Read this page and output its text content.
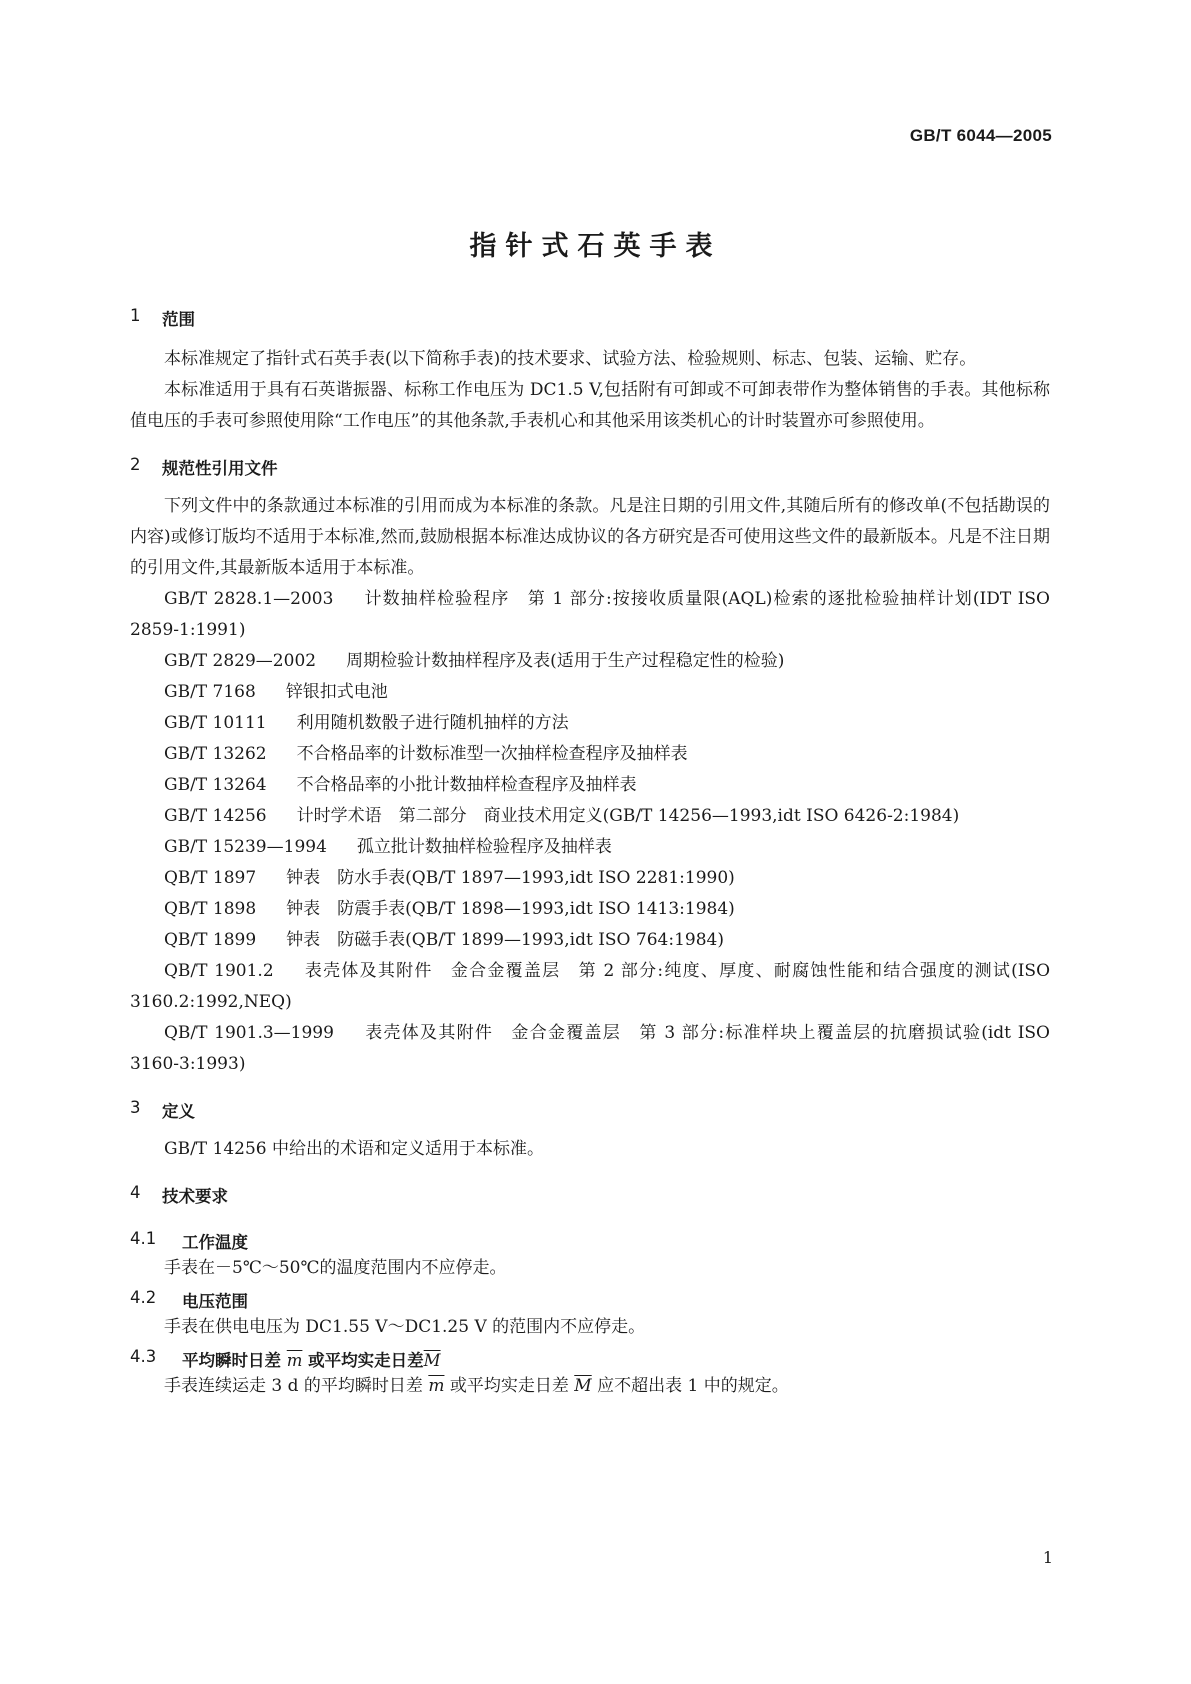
GB/T 6044—2005
指针式石英手表
1	范围

本标准规定了指针式石英手表(以下简称手表)的技术要求、试验方法、检验规则、标志、包装、运输、贮存。

本标准适用于具有石英谐振器、标称工作电压为 DC1.5 V,包括附有可卸或不可卸表带作为整体销售的手表。其他标称值电压的手表可参照使用除“工作电压”的其他条款,手表机心和其他采用该类机心的计时装置亦可参照使用。

2	规范性引用文件

下列文件中的条款通过本标准的引用而成为本标准的条款。凡是注日期的引用文件,其随后所有的修改单(不包括勘误的内容)或修订版均不适用于本标准,然而,鼓励根据本标准达成协议的各方研究是否可使用这些文件的最新版本。凡是不注日期的引用文件,其最新版本适用于本标准。

GB/T 2828.1—2003 计数抽样检验程序　第 1 部分:按接收质量限(AQL)检索的逐批检验抽样计划(IDT ISO 2859-1:1991)

GB/T 2829—2002 周期检验计数抽样程序及表(适用于生产过程稳定性的检验)

GB/T 7168 锌银扣式电池

GB/T 10111 利用随机数骰子进行随机抽样的方法

GB/T 13262 不合格品率的计数标准型一次抽样检查程序及抽样表

GB/T 13264 不合格品率的小批计数抽样检查程序及抽样表

GB/T 14256 计时学术语　第二部分　商业技术用定义(GB/T 14256—1993,idt ISO 6426-2:1984)

GB/T 15239—1994 孤立批计数抽样检验程序及抽样表

QB/T 1897 钟表　防水手表(QB/T 1897—1993,idt ISO 2281:1990)

QB/T 1898 钟表　防震手表(QB/T 1898—1993,idt ISO 1413:1984)

QB/T 1899 钟表　防磁手表(QB/T 1899—1993,idt ISO 764:1984)

QB/T 1901.2 表壳体及其附件　金合金覆盖层　第 2 部分:纯度、厚度、耐腐蚀性能和结合强度的测试(ISO 3160.2:1992,NEQ)

QB/T 1901.3—1999 表壳体及其附件　金合金覆盖层　第 3 部分:标准样块上覆盖层的抗磨损试验(idt ISO 3160-3:1993)

3	定义

GB/T 14256 中给出的术语和定义适用于本标准。

4	技术要求
4.1	工作温度

手表在－5℃～50℃的温度范围内不应停走。

4.2	电压范围

手表在供电电压为 DC1.55 V～DC1.25 V 的范围内不应停走。

4.3	平均瞬时日差 $\overline{m}$ 或平均实走日差$\overline{M}$

手表连续运走 3 d 的平均瞬时日差 $\overline{m}$ 或平均实走日差 $\overline{M}$ 应不超出表 1 中的规定。

1
